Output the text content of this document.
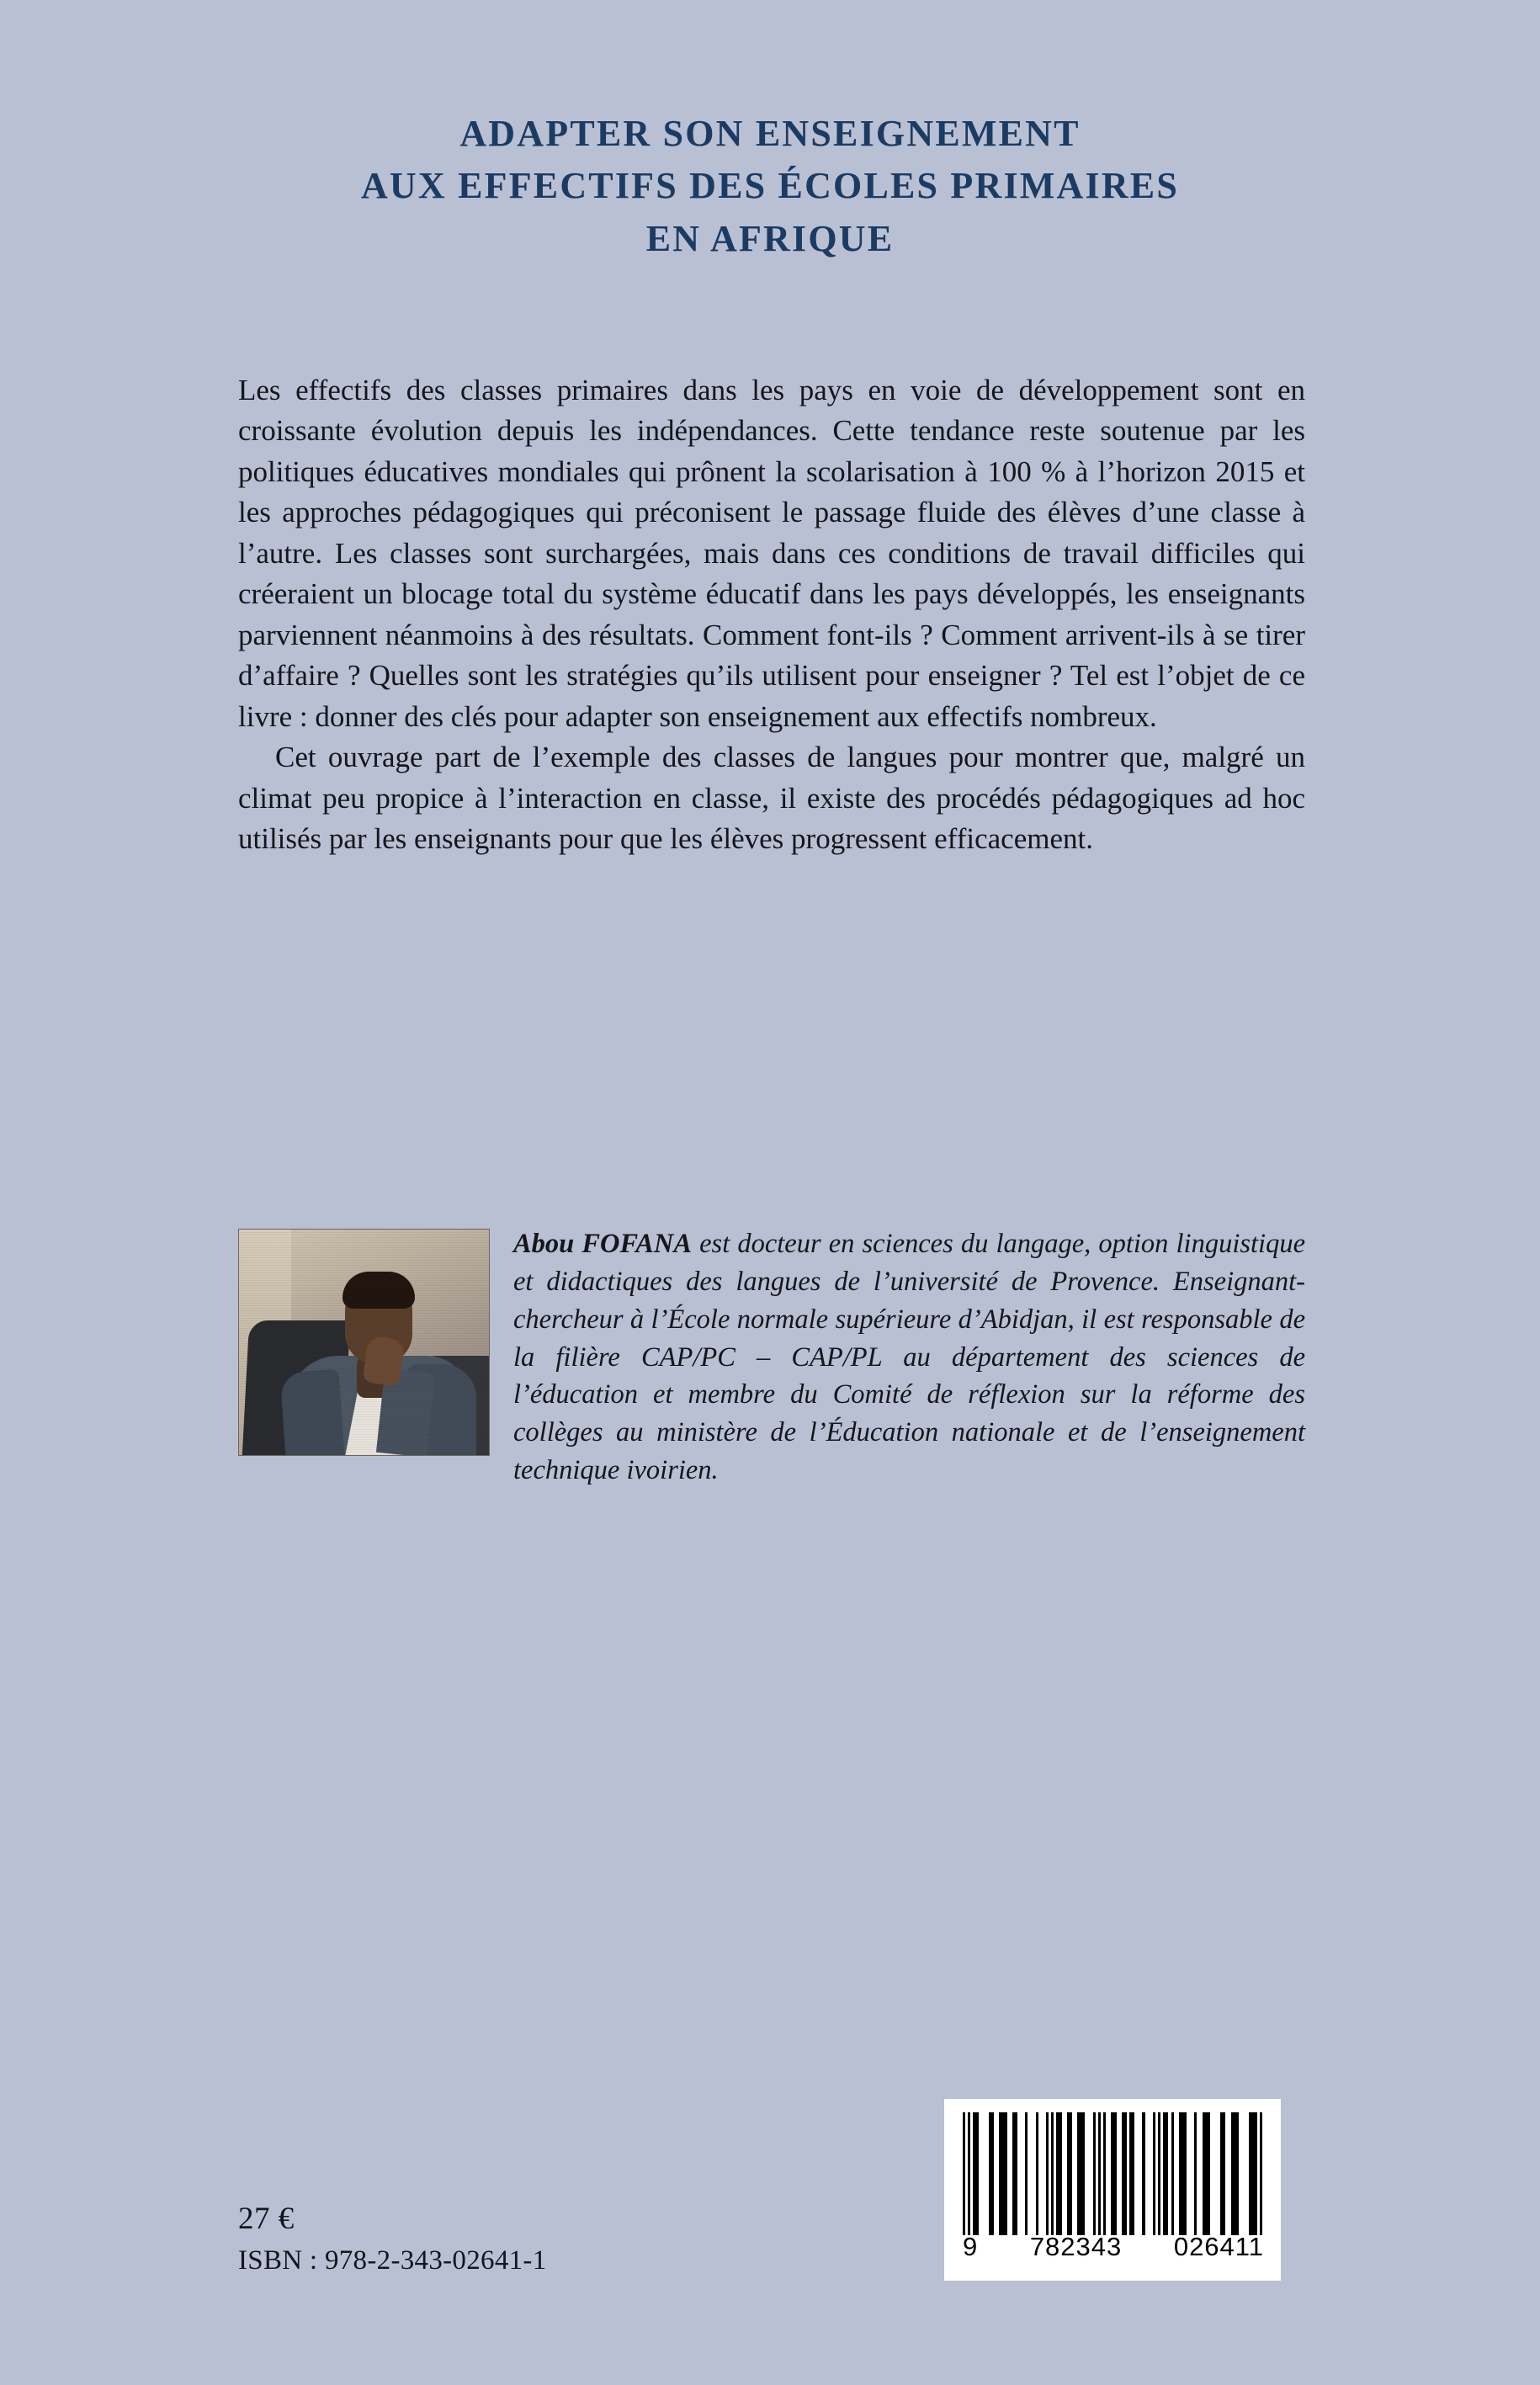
ADAPTER SON ENSEIGNEMENT
AUX EFFECTIFS DES ÉCOLES PRIMAIRES
EN AFRIQUE

Les effectifs des classes primaires dans les pays en voie de développement sont en croissante évolution depuis les indépendances. Cette tendance reste soutenue par les politiques éducatives mondiales qui prônent la scolarisation à 100 % à l’horizon 2015 et les approches pédagogiques qui préconisent le passage fluide des élèves d’une classe à l’autre. Les classes sont surchargées, mais dans ces conditions de travail difficiles qui créeraient un blocage total du système éducatif dans les pays développés, les enseignants parviennent néanmoins à des résultats. Comment font-ils ? Comment arrivent-ils à se tirer d’affaire ? Quelles sont les stratégies qu’ils utilisent pour enseigner ? Tel est l’objet de ce livre : donner des clés pour adapter son enseignement aux effectifs nombreux.

Cet ouvrage part de l’exemple des classes de langues pour montrer que, malgré un climat peu propice à l’interaction en classe, il existe des procédés pédagogiques ad hoc utilisés par les enseignants pour que les élèves progressent efficacement.

Abou FOFANA est docteur en sciences du langage, option linguistique et didactiques des langues de l’université de Provence. Enseignant-chercheur à l’École normale supérieure d’Abidjan, il est responsable de la filière CAP/PC – CAP/PL au département des sciences de l’éducation et membre du Comité de réflexion sur la réforme des collèges au ministère de l’Éducation nationale et de l’enseignement technique ivoirien.
27 €
ISBN : 978-2-343-02641-1	9 782343 026411
